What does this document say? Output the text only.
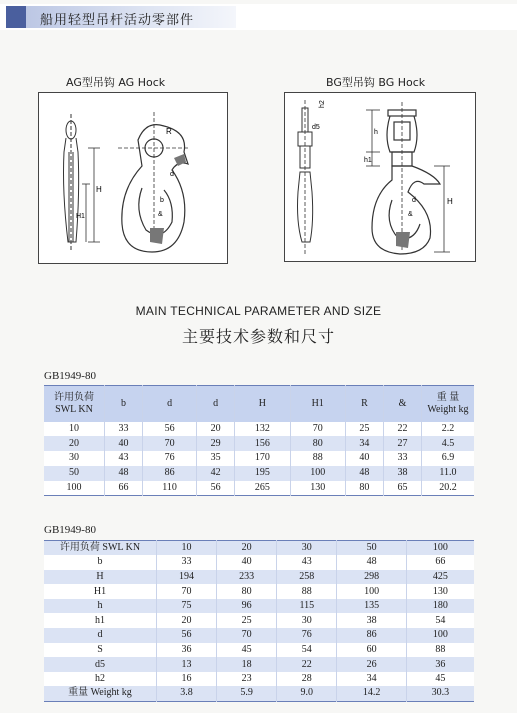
船用轻型吊杆活动零部件
AG型吊钩 AG Hock
H
H1
R
d
b
&
BG型吊钩 BG Hock
d5
h2
h
h1
H
d
&
MAIN TECHNICAL PARAMETER AND SIZE
主要技术参数和尺寸
GB1949-80
许用负荷 SWL KN	b	d	d	H	H1	R	&	重 量 Weight kg
10	33	56	20	132	70	25	22	2.2
20	40	70	29	156	80	34	27	4.5
30	43	76	35	170	88	40	33	6.9
50	48	86	42	195	100	48	38	11.0
100	66	110	56	265	130	80	65	20.2
GB1949-80
许用负荷 SWL KN	10	20	30	50	100
b	33	40	43	48	66
H	194	233	258	298	425
H1	70	80	88	100	130
h	75	96	115	135	180
h1	20	25	30	38	54
d	56	70	76	86	100
S	36	45	54	60	88
d5	13	18	22	26	36
h2	16	23	28	34	45
重量 Weight kg	3.8	5.9	9.0	14.2	30.3
